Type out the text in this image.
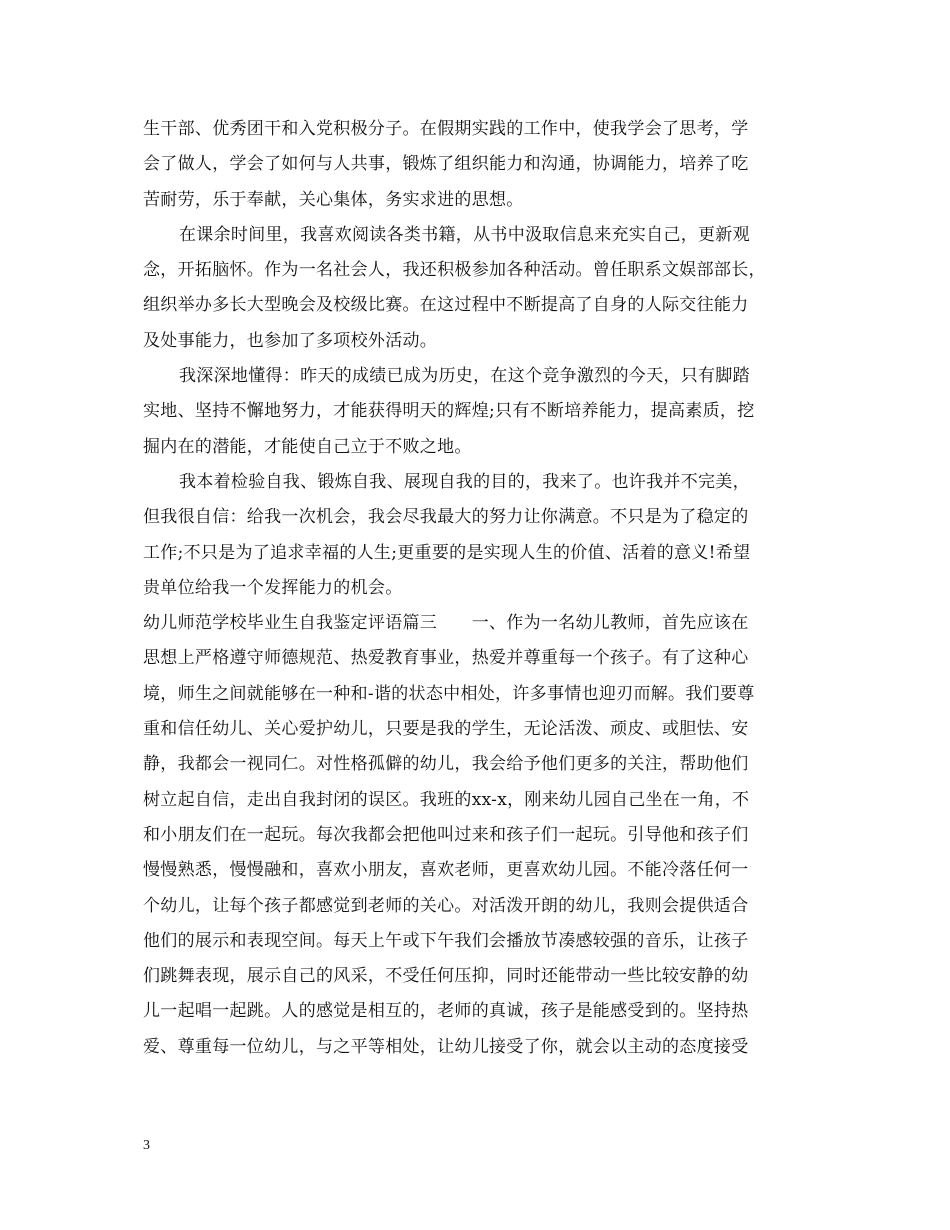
生干部、优秀团干和入党积极分子。在假期实践的工作中，使我学会了思考，学
会了做人，学会了如何与人共事，锻炼了组织能力和沟通，协调能力，培养了吃
苦耐劳，乐于奉献，关心集体，务实求进的思想。
在课余时间里，我喜欢阅读各类书籍，从书中汲取信息来充实自己，更新观
念，开拓脑怀。作为一名社会人，我还积极参加各种活动。曾任职系文娱部部长，
组织举办多长大型晚会及校级比赛。在这过程中不断提高了自身的人际交往能力
及处事能力，也参加了多项校外活动。
我深深地懂得：昨天的成绩已成为历史，在这个竞争激烈的今天，只有脚踏
实地、坚持不懈地努力，才能获得明天的辉煌;只有不断培养能力，提高素质，挖
掘内在的潜能，才能使自己立于不败之地。
我本着检验自我、锻炼自我、展现自我的目的，我来了。也许我并不完美，
但我很自信：给我一次机会，我会尽我最大的努力让你满意。不只是为了稳定的
工作;不只是为了追求幸福的人生;更重要的是实现人生的价值、活着的意义!希望
贵单位给我一个发挥能力的机会。
幼儿师范学校毕业生自我鉴定评语篇三　　一、作为一名幼儿教师，首先应该在
思想上严格遵守师德规范、热爱教育事业，热爱并尊重每一个孩子。有了这种心
境，师生之间就能够在一种和-谐的状态中相处，许多事情也迎刃而解。我们要尊
重和信任幼儿、关心爱护幼儿，只要是我的学生，无论活泼、顽皮、或胆怯、安
静，我都会一视同仁。对性格孤僻的幼儿，我会给予他们更多的关注，帮助他们
树立起自信，走出自我封闭的误区。我班的xx-x，刚来幼儿园自己坐在一角，不
和小朋友们在一起玩。每次我都会把他叫过来和孩子们一起玩。引导他和孩子们
慢慢熟悉，慢慢融和，喜欢小朋友，喜欢老师，更喜欢幼儿园。不能冷落任何一
个幼儿，让每个孩子都感觉到老师的关心。对活泼开朗的幼儿，我则会提供适合
他们的展示和表现空间。每天上午或下午我们会播放节凑感较强的音乐，让孩子
们跳舞表现，展示自己的风采，不受任何压抑，同时还能带动一些比较安静的幼
儿一起唱一起跳。人的感觉是相互的，老师的真诚，孩子是能感受到的。坚持热
爱、尊重每一位幼儿，与之平等相处，让幼儿接受了你，就会以主动的态度接受
3
